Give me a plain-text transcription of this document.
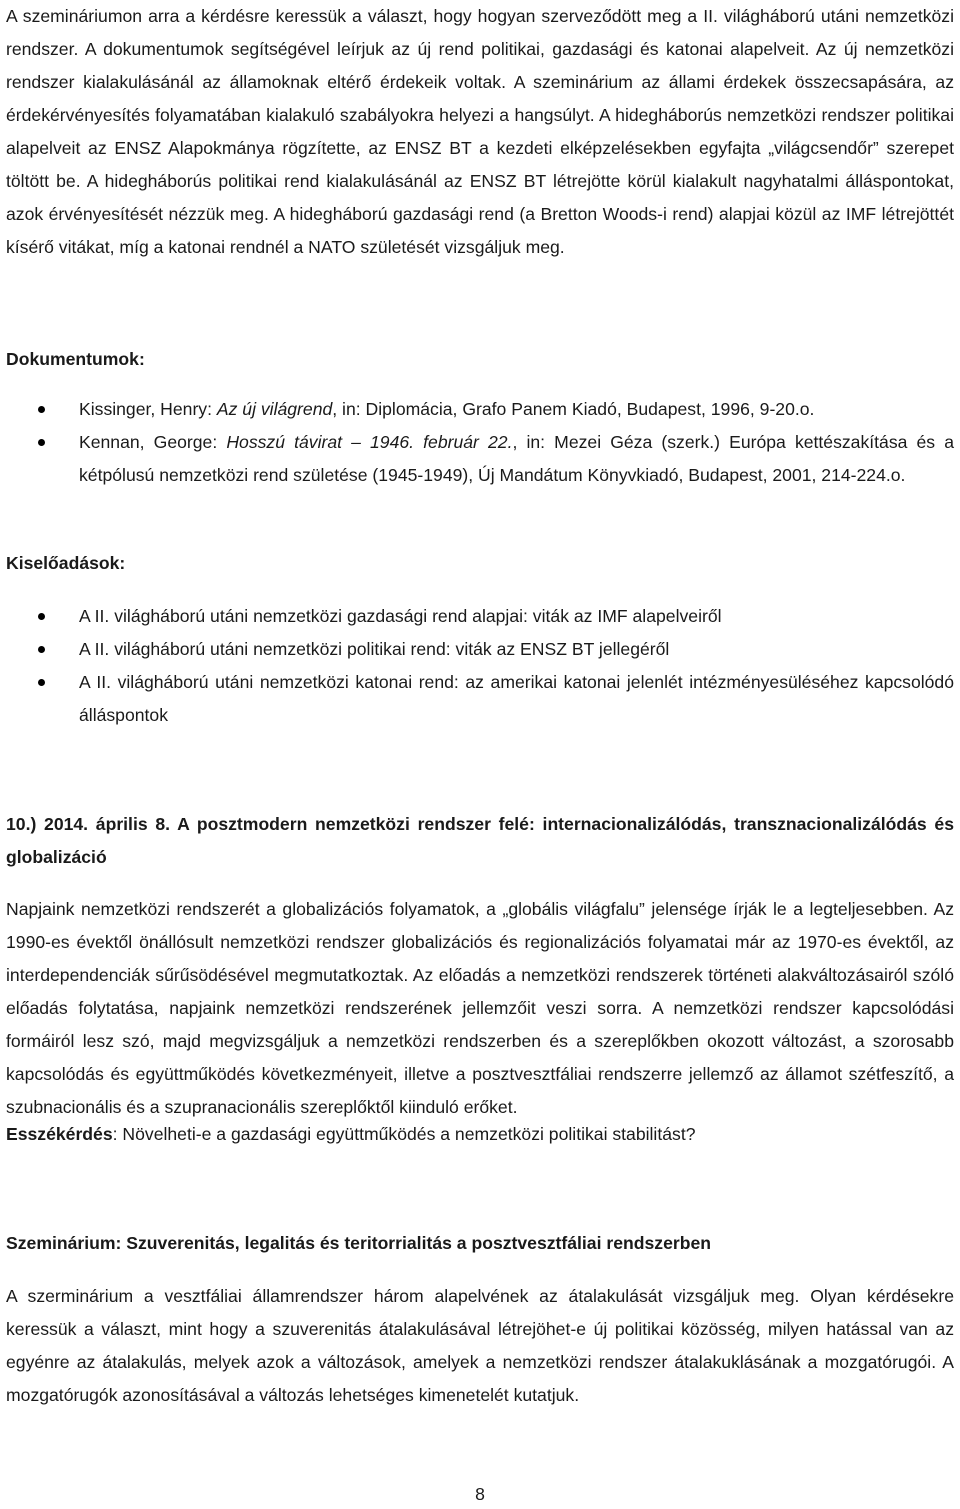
A szemináriumon arra a kérdésre keressük a választ, hogy hogyan szerveződött meg a II. világháború utáni nemzetközi rendszer. A dokumentumok segítségével leírjuk az új rend politikai, gazdasági és katonai alapelveit. Az új nemzetközi rendszer kialakulásánál az államoknak eltérő érdekeik voltak. A szeminárium az állami érdekek összecsapására, az érdekérvényesítés folyamatában kialakuló szabályokra helyezi a hangsúlyt. A hidegháborús nemzetközi rendszer politikai alapelveit az ENSZ Alapokmánya rögzítette, az ENSZ BT a kezdeti elképzelésekben egyfajta „világcsendőr” szerepet töltött be. A hidegháborús politikai rend kialakulásánál az ENSZ BT létrejötte körül kialakult nagyhatalmi álláspontokat, azok érvényesítését nézzük meg. A hidegháború gazdasági rend (a Bretton Woods-i rend) alapjai közül az IMF létrejöttét kísérő vitákat, míg a katonai rendnél a NATO születését vizsgáljuk meg.

Dokumentumok:

Kissinger, Henry: Az új világrend, in: Diplomácia, Grafo Panem Kiadó, Budapest, 1996, 9-20.o.
Kennan, George: Hosszú távirat – 1946. február 22., in: Mezei Géza (szerk.) Európa kettészakítása és a kétpólusú nemzetközi rend születése (1945-1949), Új Mandátum Könyvkiadó, Budapest, 2001, 214-224.o.

Kiselőadások:

A II. világháború utáni nemzetközi gazdasági rend alapjai: viták az IMF alapelveiről
A II. világháború utáni nemzetközi politikai rend: viták az ENSZ BT jellegéről
A II. világháború utáni nemzetközi katonai rend: az amerikai katonai jelenlét intézményesüléséhez kapcsolódó álláspontok

10.) 2014. április 8. A posztmodern nemzetközi rendszer felé: internacionalizálódás, transznacionalizálódás és globalizáció

Napjaink nemzetközi rendszerét a globalizációs folyamatok, a „globális világfalu” jelensége írják le a legteljesebben. Az 1990-es évektől önállósult nemzetközi rendszer globalizációs és regionalizációs folyamatai már az 1970-es évektől, az interdependenciák sűrűsödésével megmutatkoztak. Az előadás a nemzetközi rendszerek történeti alakváltozásairól szóló előadás folytatása, napjaink nemzetközi rendszerének jellemzőit veszi sorra. A nemzetközi rendszer kapcsolódási formáiról lesz szó, majd megvizsgáljuk a nemzetközi rendszerben és a szereplőkben okozott változást, a szorosabb kapcsolódás és együttműködés következményeit, illetve a posztvesztfáliai rendszerre jellemző az államot szétfeszítő, a szubnacionális és a szupranacionális szereplőktől kiinduló erőket.

Esszékérdés: Növelheti-e a gazdasági együttműködés a nemzetközi politikai stabilitást?

Szeminárium: Szuverenitás, legalitás és teritorrialitás a posztvesztfáliai rendszerben

A szerminárium a vesztfáliai államrendszer három alapelvének az átalakulását vizsgáljuk meg. Olyan kérdésekre keressük a választ, mint hogy a szuverenitás átalakulásával létrejöhet-e új politikai közösség, milyen hatással van az egyénre az átalakulás, melyek azok a változások, amelyek a nemzetközi rendszer átalakuklásának a mozgatórugói. A mozgatórugók azonosításával a változás lehetséges kimenetelét kutatjuk.

8
